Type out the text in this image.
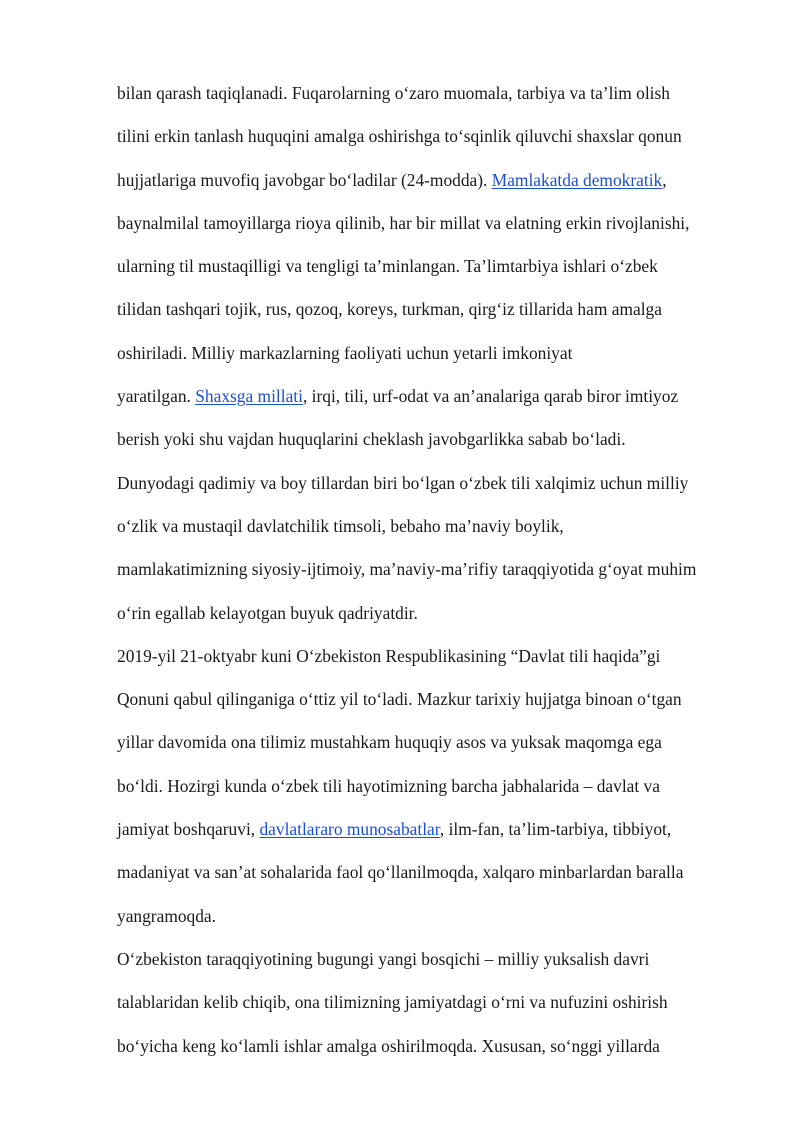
bilan qarash taqiqlanadi. Fuqarolarning o‘zaro muomala, tarbiya va ta’lim olish
tilini erkin tanlash huquqini amalga oshirishga to‘sqinlik qiluvchi shaxslar qonun
hujjatlariga muvofiq javobgar bo‘ladilar (24-modda). Mamlakatda demokratik,
baynalmilal tamoyillarga rioya qilinib, har bir millat va elatning erkin rivojlanishi,
ularning til mustaqilligi va tengligi ta’minlangan. Ta’limtarbiya ishlari o‘zbek
tilidan tashqari tojik, rus, qozoq, koreys, turkman, qirg‘iz tillarida ham amalga
oshiriladi. Milliy markazlarning faoliyati uchun yetarli imkoniyat
yaratilgan. Shaxsga millati, irqi, tili, urf-odat va an’analariga qarab biror imtiyoz
berish yoki shu vajdan huquqlarini cheklash javobgarlikka sabab bo‘ladi.
Dunyodagi qadimiy va boy tillardan biri bo‘lgan o‘zbek tili xalqimiz uchun milliy
o‘zlik va mustaqil davlatchilik timsoli, bebaho ma’naviy boylik,
mamlakatimizning siyosiy-ijtimoiy, ma’naviy-ma’rifiy taraqqiyotida g‘oyat muhim
o‘rin egallab kelayotgan buyuk qadriyatdir.
2019-yil 21-oktyabr kuni O‘zbekiston Respublikasining “Davlat tili haqida”gi
Qonuni qabul qilinganiga o‘ttiz yil to‘ladi. Mazkur tarixiy hujjatga binoan o‘tgan
yillar davomida ona tilimiz mustahkam huquqiy asos va yuksak maqomga ega
bo‘ldi. Hozirgi kunda o‘zbek tili hayotimizning barcha jabhalarida – davlat va
jamiyat boshqaruvi, davlatlararo munosabatlar, ilm-fan, ta’lim-tarbiya, tibbiyot,
madaniyat va san’at sohalarida faol qo‘llanilmoqda, xalqaro minbarlardan baralla
yangramoqda.
O‘zbekiston taraqqiyotining bugungi yangi bosqichi – milliy yuksalish davri
talablaridan kelib chiqib, ona tilimizning jamiyatdagi o‘rni va nufuzini oshirish
bo‘yicha keng ko‘lamli ishlar amalga oshirilmoqda. Xususan, so‘nggi yillarda
